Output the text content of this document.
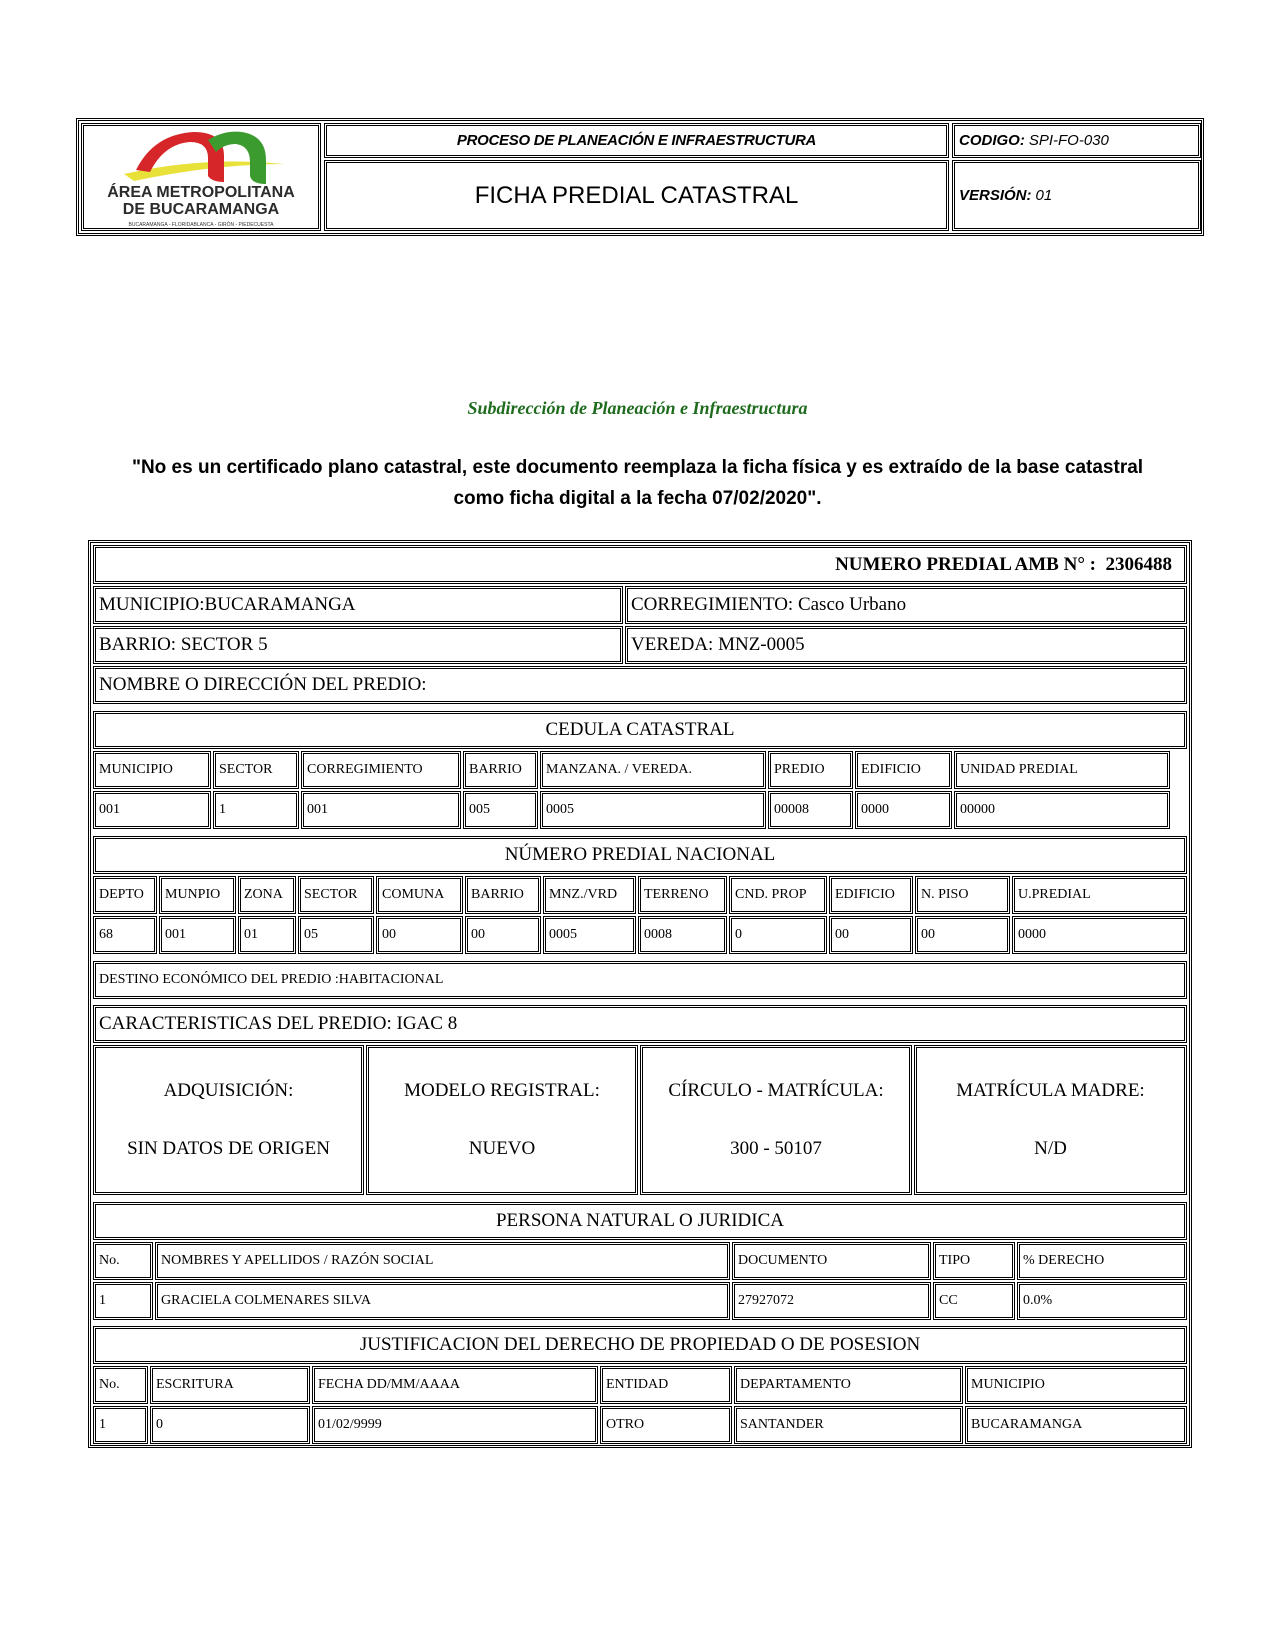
ÁREA METROPOLITANA
DE BUCARAMANGA
BUCARAMANGA - FLORIDABLANCA - GIRÓN - PIEDECUESTA
PROCESO DE PLANEACIÓN E INFRAESTRUCTURA
FICHA PREDIAL CATASTRAL
CODIGO: SPI-FO-030
VERSIÓN: 01
Subdirección de Planeación e Infraestructura
"No es un certificado plano catastral, este documento reemplaza la ficha física y es extraído de la base catastral
como ficha digital a la fecha 07/02/2020".
NUMERO PREDIAL AMB N° :
2306488
MUNICIPIO:BUCARAMANGA	CORREGIMIENTO: Casco Urbano
BARRIO: SECTOR 5	VEREDA: MNZ-0005
NOMBRE O DIRECCIÓN DEL PREDIO:
CEDULA CATASTRAL
MUNICIPIO	SECTOR	CORREGIMIENTO	BARRIO	MANZANA. / VEREDA.	PREDIO	EDIFICIO	UNIDAD PREDIAL
001	1	001	005	0005	00008	0000	00000
NÚMERO PREDIAL NACIONAL
DEPTO	MUNPIO	ZONA	SECTOR	COMUNA	BARRIO	MNZ./VRD	TERRENO	CND. PROP	EDIFICIO	N. PISO	U.PREDIAL
68	001	01	05	00	00	0005	0008	0	00	00	0000
DESTINO ECONÓMICO DEL PREDIO :HABITACIONAL
CARACTERISTICAS DEL PREDIO: IGAC 8
ADQUISICIÓN:
SIN DATOS DE ORIGEN
MODELO REGISTRAL:
NUEVO
CÍRCULO - MATRÍCULA:
300 - 50107
MATRÍCULA MADRE:
N/D
PERSONA NATURAL O JURIDICA
No.	NOMBRES Y APELLIDOS / RAZÓN SOCIAL	DOCUMENTO	TIPO	% DERECHO
1	GRACIELA COLMENARES SILVA	27927072	CC	0.0%
JUSTIFICACION DEL DERECHO DE PROPIEDAD O DE POSESION
No.	ESCRITURA	FECHA DD/MM/AAAA	ENTIDAD	DEPARTAMENTO	MUNICIPIO
1	0	01/02/9999	OTRO	SANTANDER	BUCARAMANGA
